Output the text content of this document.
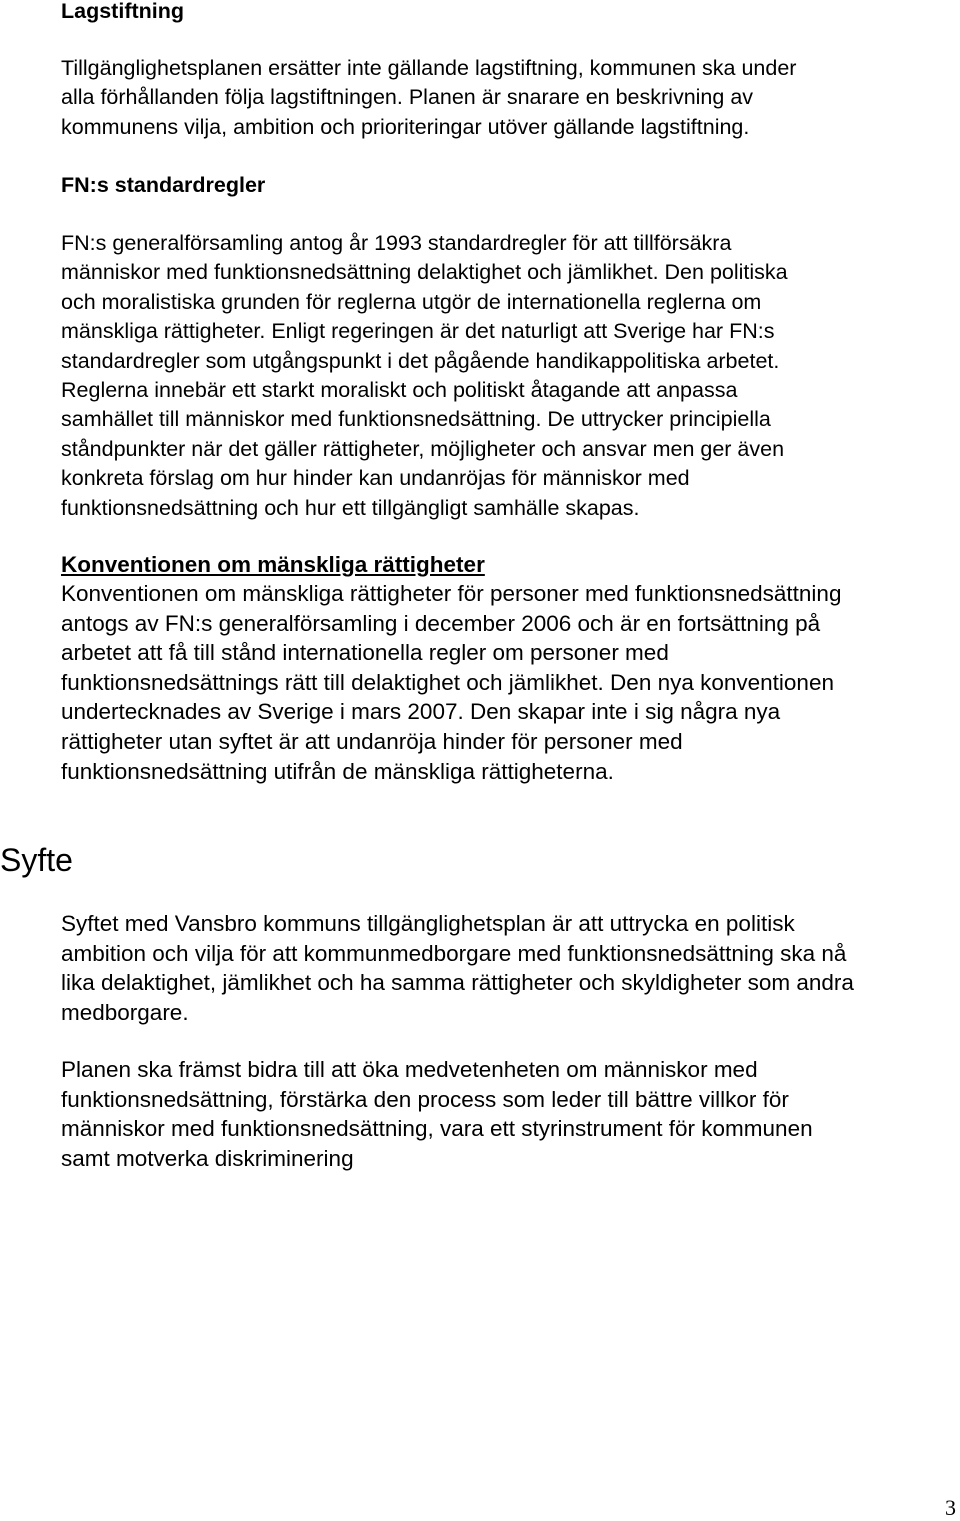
Lagstiftning
Tillgänglighetsplanen ersätter inte gällande lagstiftning, kommunen ska under
alla förhållanden följa lagstiftningen. Planen är snarare en beskrivning av
kommunens vilja, ambition och prioriteringar utöver gällande lagstiftning.
FN:s standardregler
FN:s generalförsamling antog år 1993 standardregler för att tillförsäkra
människor med funktionsnedsättning delaktighet och jämlikhet. Den politiska
och moralistiska grunden för reglerna utgör de internationella reglerna om
mänskliga rättigheter. Enligt regeringen är det naturligt att Sverige har FN:s
standardregler som utgångspunkt i det pågående handikappolitiska arbetet.
Reglerna innebär ett starkt moraliskt och politiskt åtagande att anpassa
samhället till människor med funktionsnedsättning. De uttrycker principiella
ståndpunkter när det gäller rättigheter, möjligheter och ansvar men ger även
konkreta förslag om hur hinder kan undanröjas för människor med
funktionsnedsättning och hur ett tillgängligt samhälle skapas.
Konventionen om mänskliga rättigheter
Konventionen om mänskliga rättigheter för personer med funktionsnedsättning
antogs av FN:s generalförsamling i december 2006 och är en fortsättning på
arbetet att få till stånd internationella regler om personer med
funktionsnedsättnings rätt till delaktighet och jämlikhet. Den nya konventionen
undertecknades av Sverige i mars 2007. Den skapar inte i sig några nya
rättigheter utan syftet är att undanröja hinder för personer med
funktionsnedsättning utifrån de mänskliga rättigheterna.
Syfte
Syftet med Vansbro kommuns tillgänglighetsplan är att uttrycka en politisk
ambition och vilja för att kommunmedborgare med funktionsnedsättning ska nå
lika delaktighet, jämlikhet och ha samma rättigheter och skyldigheter som andra
medborgare.
Planen ska främst bidra till att öka medvetenheten om människor med
funktionsnedsättning, förstärka den process som leder till bättre villkor för
människor med funktionsnedsättning, vara ett styrinstrument för kommunen
samt motverka diskriminering
3
